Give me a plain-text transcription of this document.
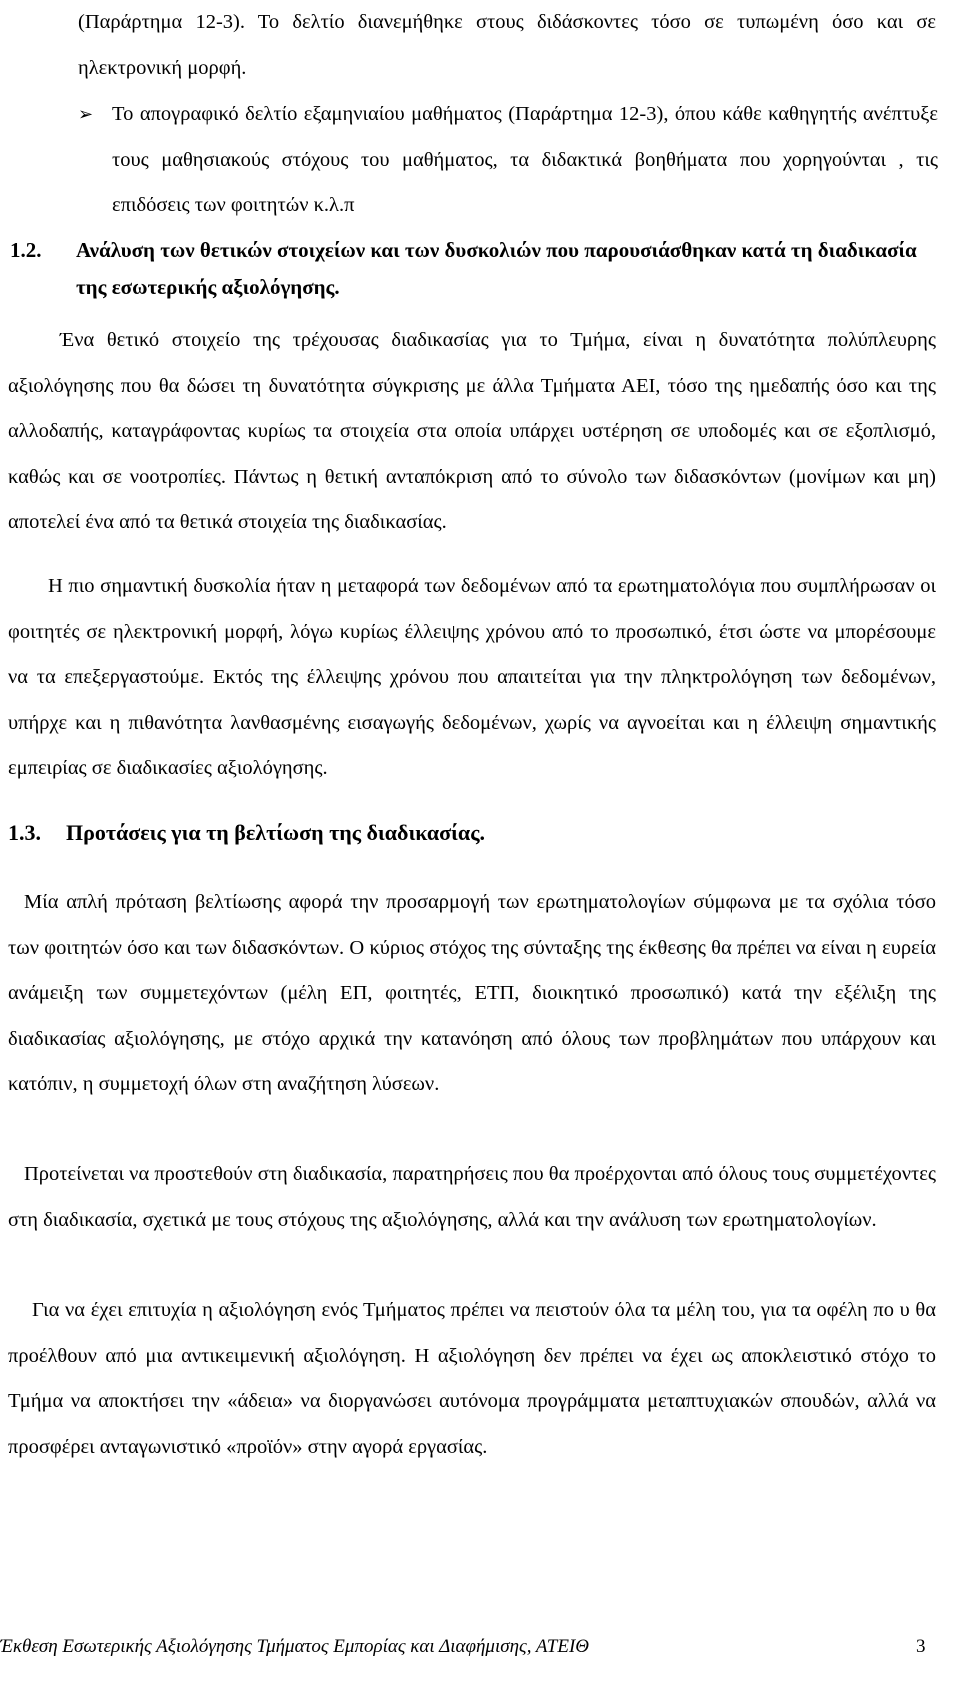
(Παράρτημα 12-3). Το δελτίο διανεμήθηκε στους διδάσκοντες τόσο σε τυπωμένη όσο και σε ηλεκτρονική μορφή.

➢ Το απογραφικό δελτίο εξαμηνιαίου μαθήματος (Παράρτημα 12-3), όπου κάθε καθηγητής ανέπτυξε τους μαθησιακούς στόχους του μαθήματος, τα διδακτικά βοηθήματα που χορηγούνται , τις επιδόσεις των φοιτητών κ.λ.π

1.2. Ανάλυση των θετικών στοιχείων και των δυσκολιών που παρουσιάσθηκαν κατά τη διαδικασία της εσωτερικής αξιολόγησης.

Ένα θετικό στοιχείο της τρέχουσας διαδικασίας για το Τμήμα, είναι η δυνατότητα πολύπλευρης αξιολόγησης που θα δώσει τη δυνατότητα σύγκρισης με άλλα Τμήματα ΑΕΙ, τόσο της ημεδαπής όσο και της αλλοδαπής, καταγράφοντας κυρίως τα στοιχεία στα οποία υπάρχει υστέρηση σε υποδομές και σε εξοπλισμό, καθώς και σε νοοτροπίες. Πάντως η θετική ανταπόκριση από το σύνολο των διδασκόντων (μονίμων και μη) αποτελεί ένα από τα θετικά στοιχεία της διαδικασίας.

Η πιο σημαντική δυσκολία ήταν η μεταφορά των δεδομένων από τα ερωτηματολόγια που συμπλήρωσαν οι φοιτητές σε ηλεκτρονική μορφή, λόγω κυρίως έλλειψης χρόνου από το προσωπικό, έτσι ώστε να μπορέσουμε να τα επεξεργαστούμε. Εκτός της έλλειψης χρόνου που απαιτείται για την πληκτρολόγηση των δεδομένων, υπήρχε και η πιθανότητα λανθασμένης εισαγωγής δεδομένων, χωρίς να αγνοείται και η έλλειψη σημαντικής εμπειρίας σε διαδικασίες αξιολόγησης.

1.3. Προτάσεις για τη βελτίωση της διαδικασίας.

Μία απλή πρόταση βελτίωσης αφορά την προσαρμογή των ερωτηματολογίων σύμφωνα με τα σχόλια τόσο των φοιτητών όσο και των διδασκόντων. Ο κύριος στόχος της σύνταξης της έκθεσης θα πρέπει να είναι η ευρεία ανάμειξη των συμμετεχόντων (μέλη ΕΠ, φοιτητές, ΕΤΠ, διοικητικό προσωπικό) κατά την εξέλιξη της διαδικασίας αξιολόγησης, με στόχο αρχικά την κατανόηση από όλους των προβλημάτων που υπάρχουν και κατόπιν, η συμμετοχή όλων στη αναζήτηση λύσεων.

Προτείνεται να προστεθούν στη διαδικασία, παρατηρήσεις που θα προέρχονται από όλους τους συμμετέχοντες στη διαδικασία, σχετικά με τους στόχους της αξιολόγησης, αλλά και την ανάλυση των ερωτηματολογίων.

Για να έχει επιτυχία η αξιολόγηση ενός Τμήματος πρέπει να πειστούν όλα τα μέλη του, για τα οφέλη πο υ θα προέλθουν από μια αντικειμενική αξιολόγηση. Η αξιολόγηση δεν πρέπει να έχει ως αποκλειστικό στόχο το Τμήμα να αποκτήσει την «άδεια» να διοργανώσει αυτόνομα προγράμματα μεταπτυχιακών σπουδών, αλλά να προσφέρει ανταγωνιστικό «προϊόν» στην αγορά εργασίας.

Έκθεση Εσωτερικής Αξιολόγησης Τμήματος Εμπορίας και Διαφήμισης, ΑΤΕΙΘ	3
